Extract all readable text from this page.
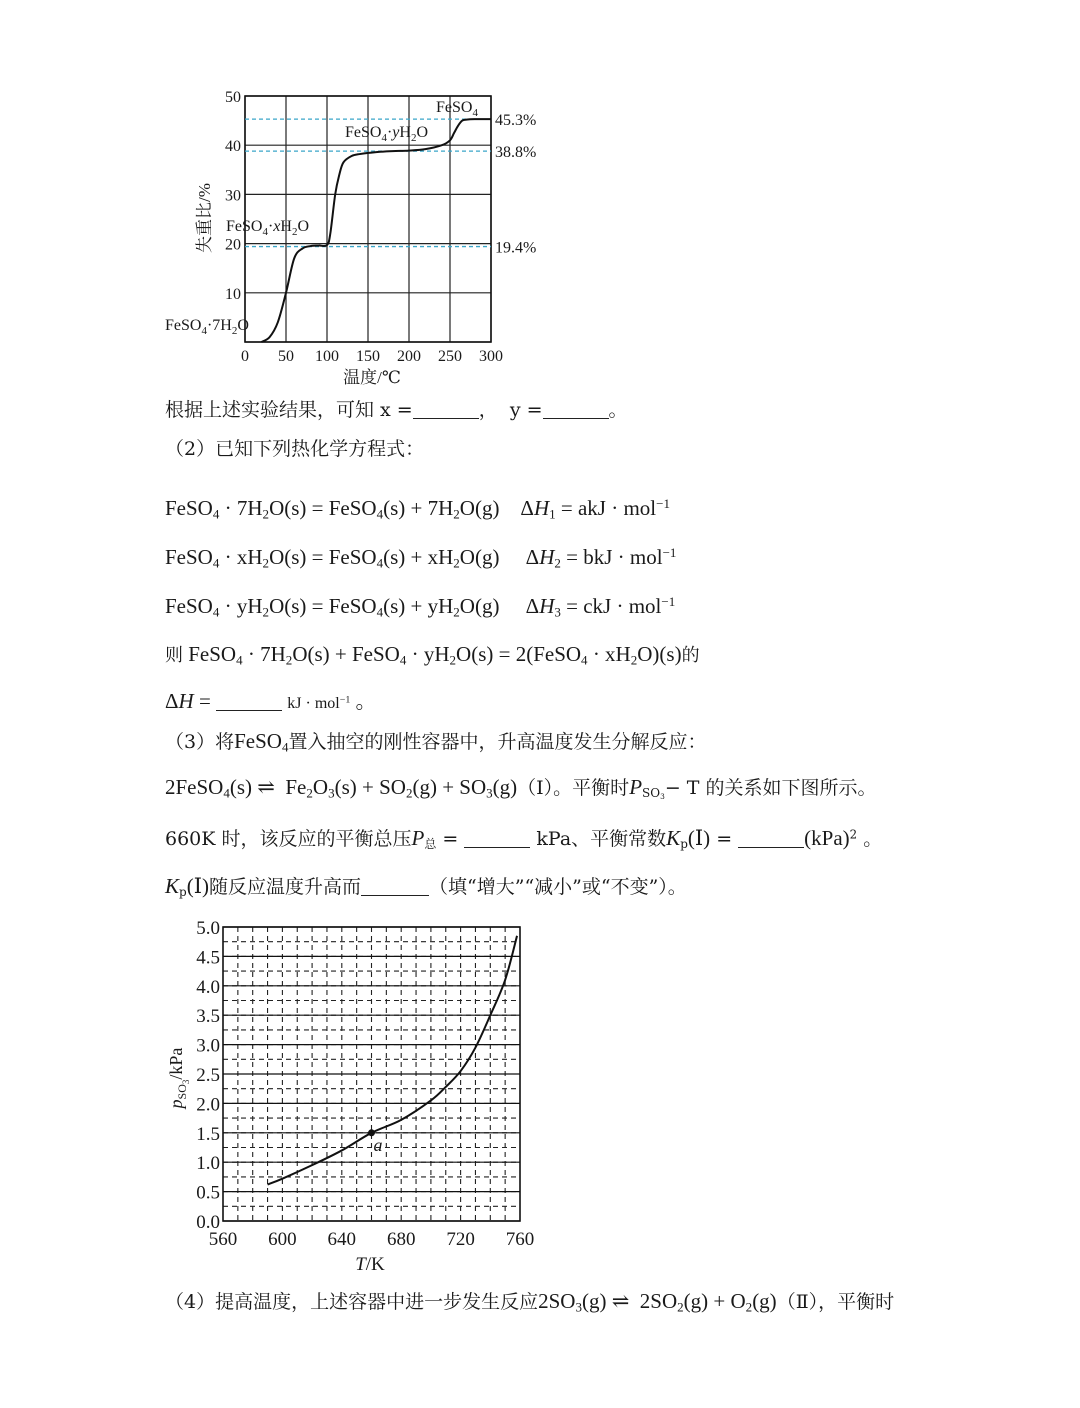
0 50 100 150 200 250 300
10
20
30
40
50
45.3%
38.8%
19.4%
温度/℃
失重比/%
FeSO$_4$
$FeSO_4\cdot yH_2O$
$FeSO_4\cdot xH_2O$
$FeSO_4\cdot 7H_2O$
根据上述实验结果，可知 x =	， y =	。
（2）已知下列热化学方程式：
FeSO$_4$ · $7H_2O(s)$ = FeSO$_4$(s) + $7H_2O(g)$    $\Delta H_1$ = akJ · mol$^{-1}$
FeSO$_4$ · $xH_2O(s)$ = FeSO$_4$(s) + $xH_2O(g)$     $\Delta H_2$ = bkJ · mol$^{-1}$
FeSO$_4$ · $yH_2O(s)$ = FeSO$_4$(s) + $yH_2O(g)$     $\Delta H_3$ = ckJ · mol$^{-1}$
则 FeSO$_4$ · $7H_2O(s)$ + FeSO$_4$ · $yH_2O(s)$ = 2(FeSO$_4$ · $xH_2O)(s)$的
ΔH =	kJ · mol$^{-1}$ 。
（3）将FeSO$_4$置入抽空的刚性容器中，升高温度发生分解反应：
2FeSO$_4$(s) ⇌  $Fe_2O_3(s) + SO_2(g)$ + $SO_3(g)(Ⅰ)$。平衡时$P_{SO_3}- T$ 的关系如下图所示。
660K 时，该反应的平衡总压$P_总$ =	kPa、平衡常数$K_p(Ⅰ)$ =	(kPa)$^2$ 。
$K_p(Ⅰ)$随反应温度升高而	（填“增大”“减小”或“不变”）。
a
560 600 640 680 720 760
0.0
0.5
1.0
1.5
2.0
2.5
3.0
3.5
4.0
4.5
5.0
T/K
$p_{SO}3$/kPa
（4）提高温度，上述容器中进一步发生反应$2SO_3(g)$ ⇌  $2SO_2(g)$ + $O_2(g)(Ⅱ)$，平衡时
